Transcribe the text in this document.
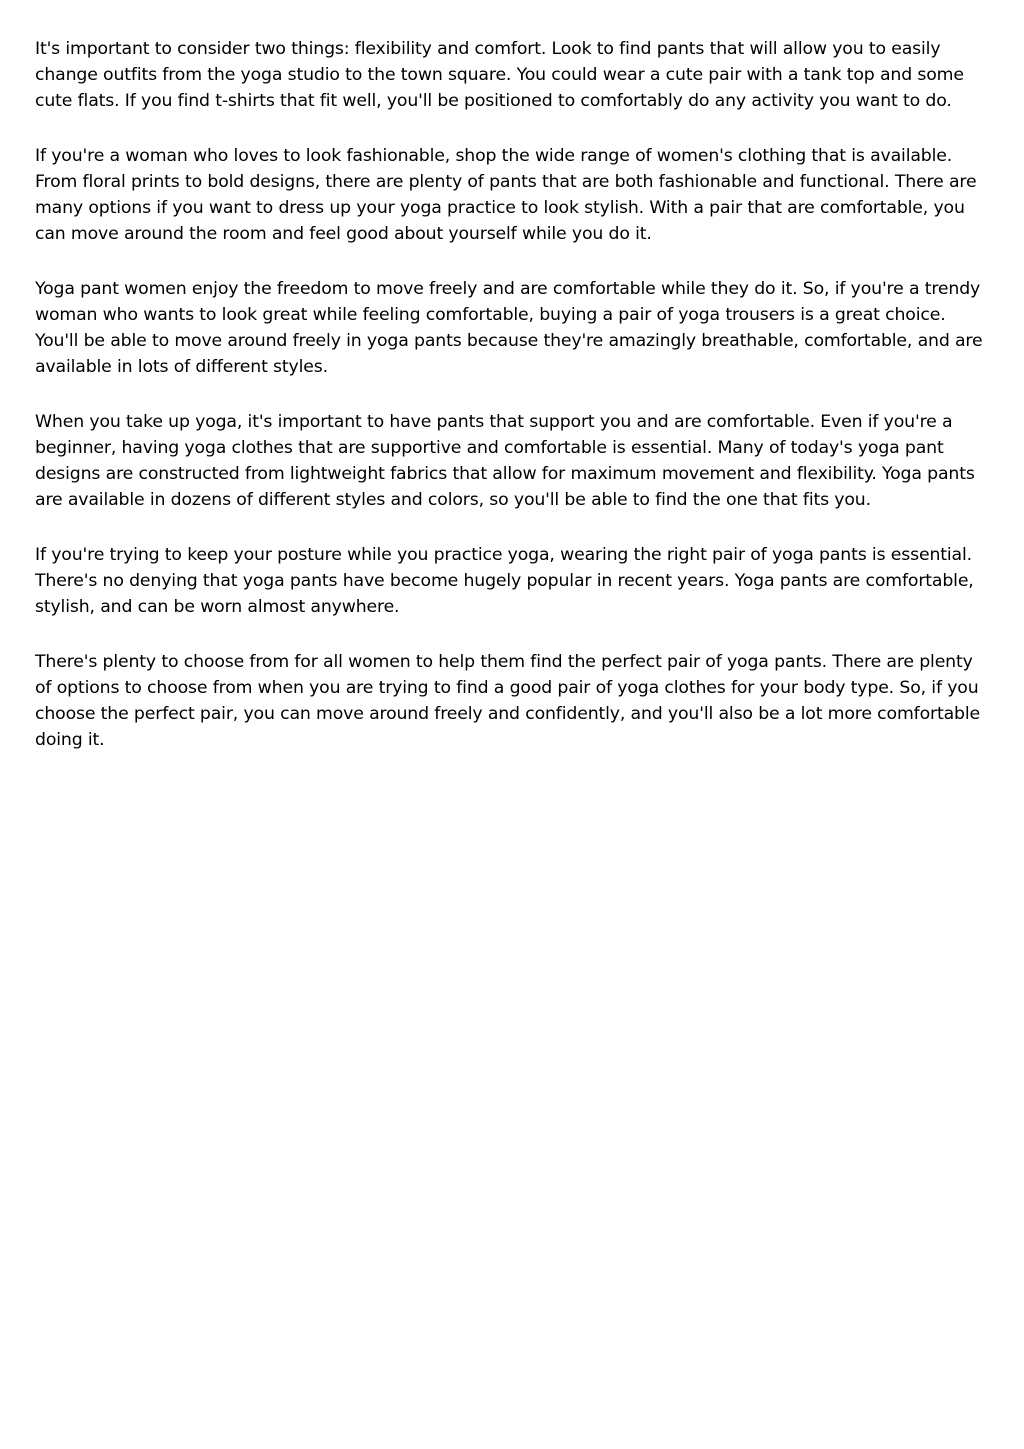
It's important to consider two things: flexibility and comfort. Look to find pants that will allow you to easily change outfits from the yoga studio to the town square. You could wear a cute pair with a tank top and some cute flats. If you find t-shirts that fit well, you'll be positioned to comfortably do any activity you want to do.

If you're a woman who loves to look fashionable, shop the wide range of women's clothing that is available. From floral prints to bold designs, there are plenty of pants that are both fashionable and functional. There are many options if you want to dress up your yoga practice to look stylish. With a pair that are comfortable, you can move around the room and feel good about yourself while you do it.

Yoga pant women enjoy the freedom to move freely and are comfortable while they do it. So, if you're a trendy woman who wants to look great while feeling comfortable, buying a pair of yoga trousers is a great choice. You'll be able to move around freely in yoga pants because they're amazingly breathable, comfortable, and are available in lots of different styles.

When you take up yoga, it's important to have pants that support you and are comfortable. Even if you're a beginner, having yoga clothes that are supportive and comfortable is essential. Many of today's yoga pant designs are constructed from lightweight fabrics that allow for maximum movement and flexibility. Yoga pants are available in dozens of different styles and colors, so you'll be able to find the one that fits you.

If you're trying to keep your posture while you practice yoga, wearing the right pair of yoga pants is essential. There's no denying that yoga pants have become hugely popular in recent years. Yoga pants are comfortable, stylish, and can be worn almost anywhere.

There's plenty to choose from for all women to help them find the perfect pair of yoga pants. There are plenty of options to choose from when you are trying to find a good pair of yoga clothes for your body type. So, if you choose the perfect pair, you can move around freely and confidently, and you'll also be a lot more comfortable doing it.
